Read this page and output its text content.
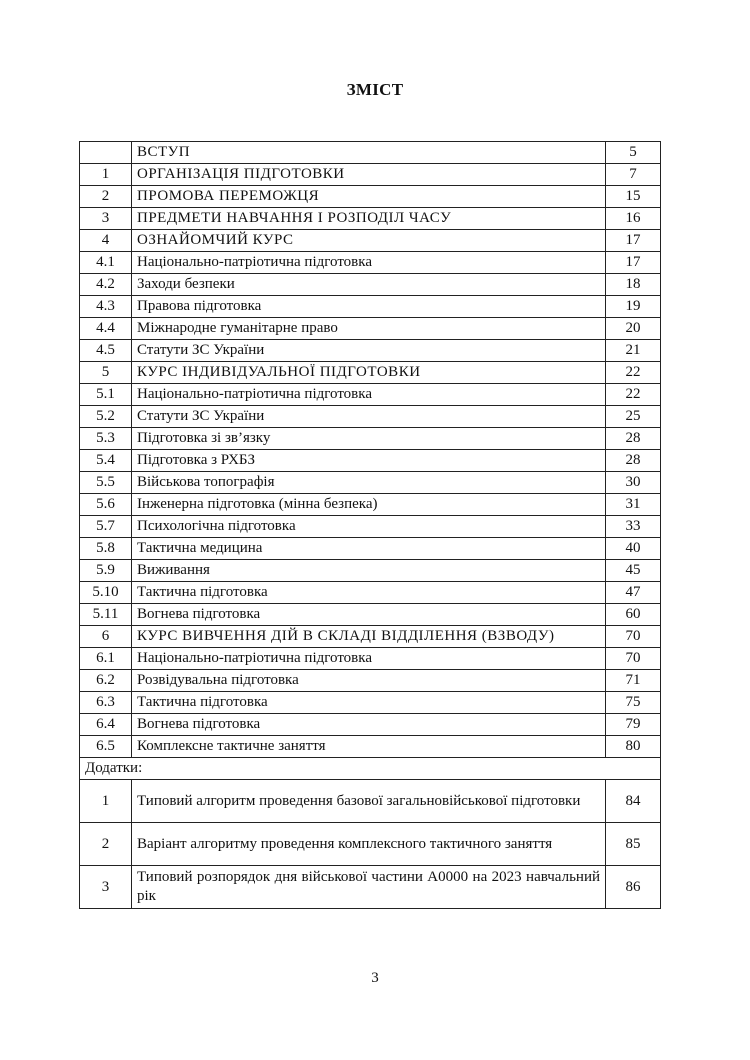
ЗМІСТ
	ВСТУП	5
1	ОРГАНІЗАЦІЯ ПІДГОТОВКИ	7
2	ПРОМОВА ПЕРЕМОЖЦЯ	15
3	ПРЕДМЕТИ НАВЧАННЯ І РОЗПОДІЛ ЧАСУ	16
4	ОЗНАЙОМЧИЙ КУРС	17
4.1	Національно-патріотична підготовка	17
4.2	Заходи безпеки	18
4.3	Правова підготовка	19
4.4	Міжнародне гуманітарне право	20
4.5	Статути ЗС України	21
5	КУРС ІНДИВІДУАЛЬНОЇ ПІДГОТОВКИ	22
5.1	Національно-патріотична підготовка	22
5.2	Статути ЗС України	25
5.3	Підготовка зі зв’язку	28
5.4	Підготовка з РХБЗ	28
5.5	Військова топографія	30
5.6	Інженерна підготовка (мінна безпека)	31
5.7	Психологічна підготовка	33
5.8	Тактична медицина	40
5.9	Виживання	45
5.10	Тактична підготовка	47
5.11	Вогнева підготовка	60
6	КУРС ВИВЧЕННЯ ДІЙ В СКЛАДІ ВІДДІЛЕННЯ (ВЗВОДУ)	70
6.1	Національно-патріотична підготовка	70
6.2	Розвідувальна підготовка	71
6.3	Тактична підготовка	75
6.4	Вогнева підготовка	79
6.5	Комплексне тактичне заняття	80
Додатки:		
1	Типовий алгоритм проведення базової загальновійськової підготовки	84
2	Варіант алгоритму проведення комплексного тактичного заняття	85
3	Типовий розпорядок дня військової частини А0000 на 2023 навчальний рік	86
3
